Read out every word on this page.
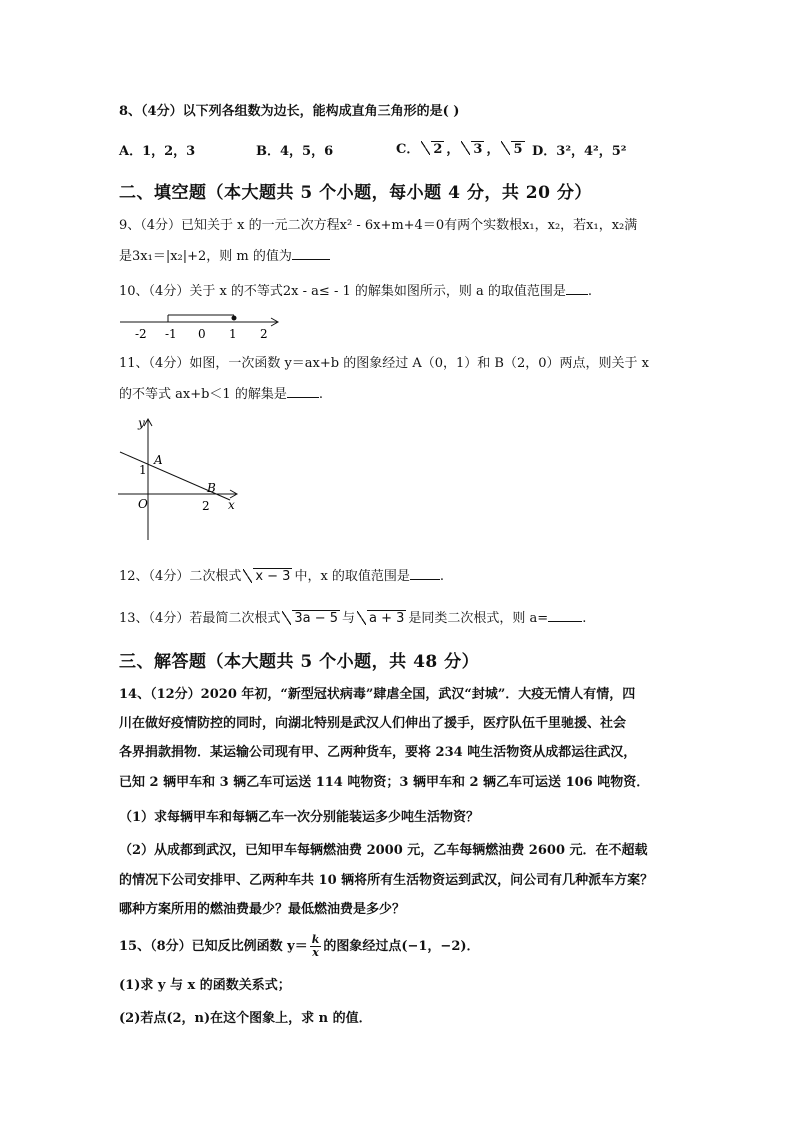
8、（4分）以下列各组数为边长，能构成直角三角形的是( )
A．1，2，3	B．4，5，6	C． 2 ， 3 ， 5 D．3²，4²，5²
二、填空题（本大题共 5 个小题，每小题 4 分，共 20 分）
9、（4分）已知关于 x 的一元二次方程x² - 6x+m+4＝0有两个实数根x₁，x₂，若x₁，x₂满
是3x₁＝|x₂|+2，则 m 的值为
10、（4分）关于 x 的不等式2x - a≤ - 1 的解集如图所示，则 a 的取值范围是 .
-2 -1 0 1 2
11、（4分）如图，一次函数 y＝ax+b 的图象经过 A（0，1）和 B（2，0）两点，则关于 x
的不等式 ax+b＜1 的解集是 .
y
x
O
A
B
1
2
12、（4分）二次根式 x − 3 中，x 的取值范围是 .
13、（4分）若最简二次根式 3a − 5 与 a + 3 是同类二次根式，则 a=	.
三、解答题（本大题共 5 个小题，共 48 分）
14、（12分）2020 年初，“新型冠状病毒”肆虐全国，武汉“封城”．大疫无情人有情，四
川在做好疫情防控的同时，向湖北特别是武汉人们伸出了援手，医疗队伍千里驰援、社会
各界捐款捐物．某运输公司现有甲、乙两种货车，要将 234 吨生活物资从成都运往武汉，
已知 2 辆甲车和 3 辆乙车可运送 114 吨物资；3 辆甲车和 2 辆乙车可运送 106 吨物资．
（1）求每辆甲车和每辆乙车一次分别能装运多少吨生活物资？
（2）从成都到武汉，已知甲车每辆燃油费 2000 元，乙车每辆燃油费 2600 元．在不超载
的情况下公司安排甲、乙两种车共 10 辆将所有生活物资运到武汉，问公司有几种派车方案？
哪种方案所用的燃油费最少？最低燃油费是多少？
15、（8分）已知反比例函数 $y= \frac{k}{x}$ 的图象经过点(−1，−2)．
(1)求 y 与 x 的函数关系式；
(2)若点(2，n)在这个图象上，求 n 的值．
